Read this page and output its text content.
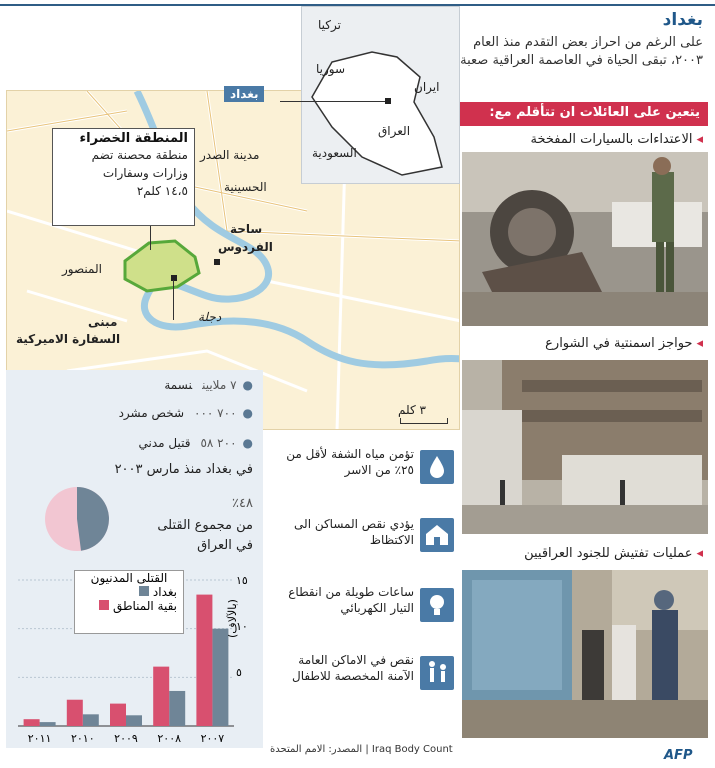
بغداد
على الرغم من احراز بعض التقدم منذ العام ٢٠٠٣، تبقى الحياة في العاصمة العراقية صعبة
يتعين على العائلات ان تتأقلم مع:
◂الاعتداءات بالسيارات المفخخة
◂حواجز اسمنتية في الشوارع
◂عمليات تفتيش للجنود العراقيين
مدينة الصدر
الحسينية
ساحة
الفردوس
المنصور
دجلة
مبنى
السفارة الاميركية
٣ كلم
المنطقة الخضراء
منطقة محصنة تضم
وزارات وسفارات
١٤،٥ كلم٢
تركيا
سوريا
ايران
العراق
السعودية
بغداد
●٧ ملاييننسمة
●٧٠٠ ٠٠٠شخص مشرد
●٢٠٠ ٥٨قتيل مدني
في بغداد منذ مارس ٢٠٠٣
٤٨٪
من مجموع القتلى
في العراق
٢٠٠٧
٢٠٠٨
٢٠٠٩
٢٠١٠
٢٠١١
القتلى المدنيون
بغداد
بقية المناطق
١٥
١٠
٥
(بالآلاف)
تؤمن مياه الشفة لأقل من ٢٥٪ من الاسر
يؤدي نقص المساكن الى الاكتظاظ
ساعات طويلة من انقطاع التيار الكهربائي
نقص في الاماكن العامة الآمنة المخصصة للاطفال
المصدر: الامم المتحدة | Iraq Body Count	AFP
